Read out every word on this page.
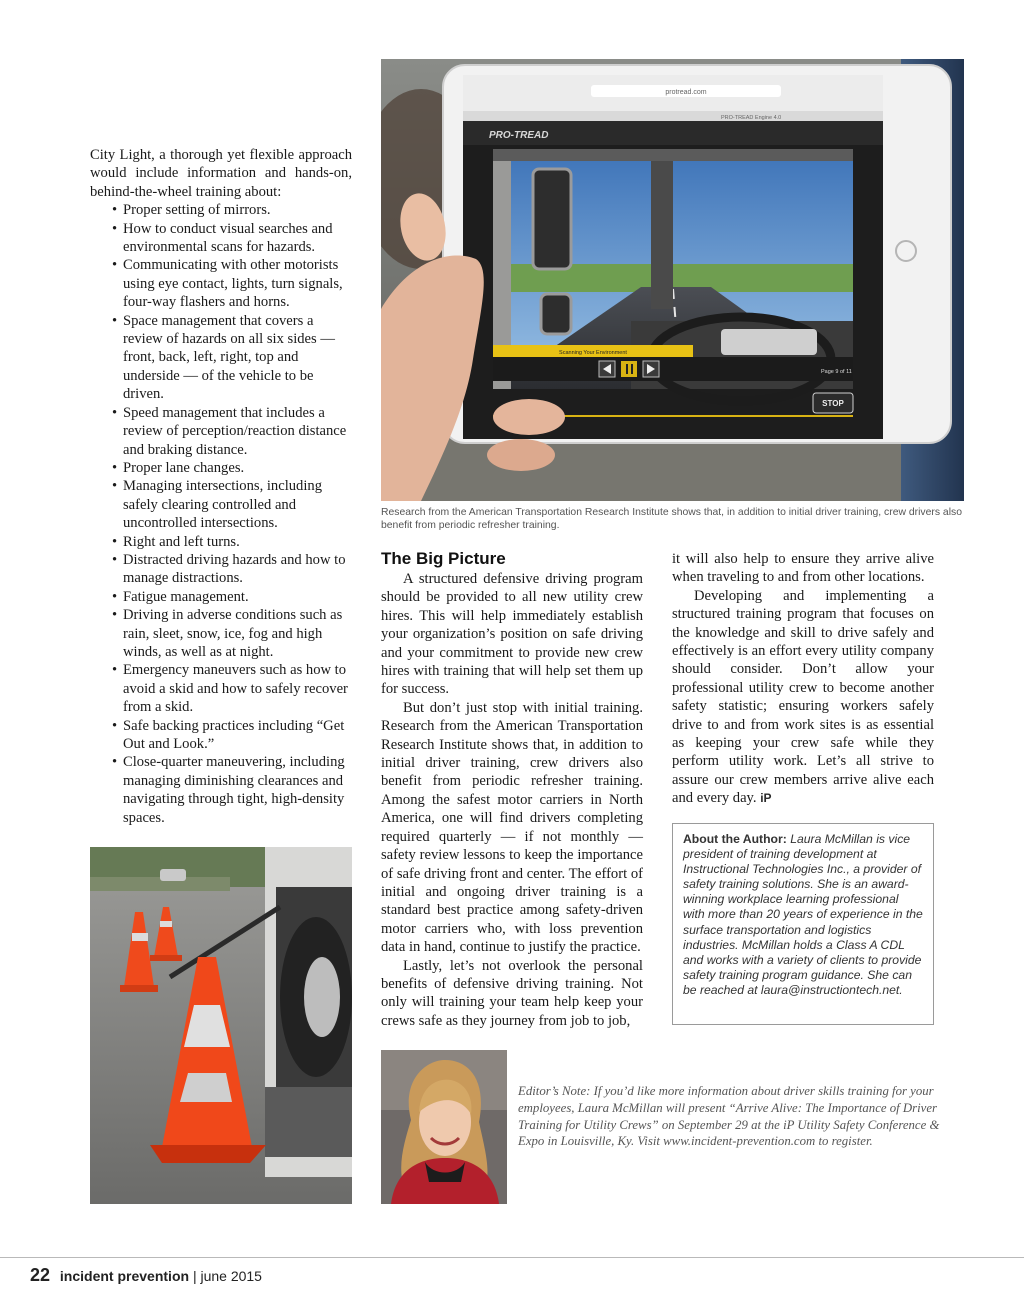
City Light, a thorough yet flexible approach would include information and hands-on, behind-the-wheel training about:

• Proper setting of mirrors.
• How to conduct visual searches and environmental scans for hazards.
• Communicating with other motorists using eye contact, lights, turn signals, four-way flashers and horns.
• Space management that covers a review of hazards on all six sides — front, back, left, right, top and underside — of the vehicle to be driven.
• Speed management that includes a review of perception/reaction distance and braking distance.
• Proper lane changes.
• Managing intersections, including safely clearing controlled and uncontrolled intersections.
• Right and left turns.
• Distracted driving hazards and how to manage distractions.
• Fatigue management.
• Driving in adverse conditions such as rain, sleet, snow, ice, fog and high winds, as well as at night.
• Emergency maneuvers such as how to avoid a skid and how to safely recover from a skid.
• Safe backing practices including “Get Out and Look.”
• Close-quarter maneuvering, including managing diminishing clearances and navigating through tight, high-density spaces.
protread.com
PRO-TREAD Engine 4.0
PRO-TREAD
Scanning Your Environment
Page 9 of 11
STOP

Research from the American Transportation Research Institute shows that, in addition to initial driver training, crew drivers also benefit from periodic refresher training.

The Big Picture

A structured defensive driving program should be provided to all new utility crew hires. This will help immediately establish your organization’s position on safe driving and your commitment to provide new crew hires with training that will help set them up for success.

But don’t just stop with initial training. Research from the American Transportation Research Institute shows that, in addition to initial driver training, crew drivers also benefit from periodic refresher training. Among the safest motor carriers in North America, one will find drivers completing required quarterly — if not monthly — safety review lessons to keep the importance of safe driving front and center. The effort of initial and ongoing driver training is a standard best practice among safety-driven motor carriers who, with loss prevention data in hand, continue to justify the practice.

Lastly, let’s not overlook the personal benefits of defensive driving training. Not only will training your team help keep your crews safe as they journey from job to job,

it will also help to ensure they arrive alive when traveling to and from other locations.

Developing and implementing a structured training program that focuses on the knowledge and skill to drive safely and effectively is an effort every utility company should consider. Don’t allow your professional utility crew to become another safety statistic; ensuring workers safely drive to and from work sites is as essential as keeping your crew safe while they perform utility work. Let’s all strive to assure our crew members arrive alive each and every day. iP

About the Author: Laura McMillan is vice president of training development at Instructional Technologies Inc., a provider of safety training solutions. She is an award-winning workplace learning professional with more than 20 years of experience in the surface transportation and logistics industries. McMillan holds a Class A CDL and works with a variety of clients to provide safety training program guidance. She can be reached at laura@instructiontech.net.

Editor’s Note: If you’d like more information about driver skills training for your employees, Laura McMillan will present “Arrive Alive: The Importance of Driver Training for Utility Crews” on September 29 at the iP Utility Safety Conference & Expo in Louisville, Ky. Visit www.incident-prevention.com to register.

22 incident prevention | june 2015
